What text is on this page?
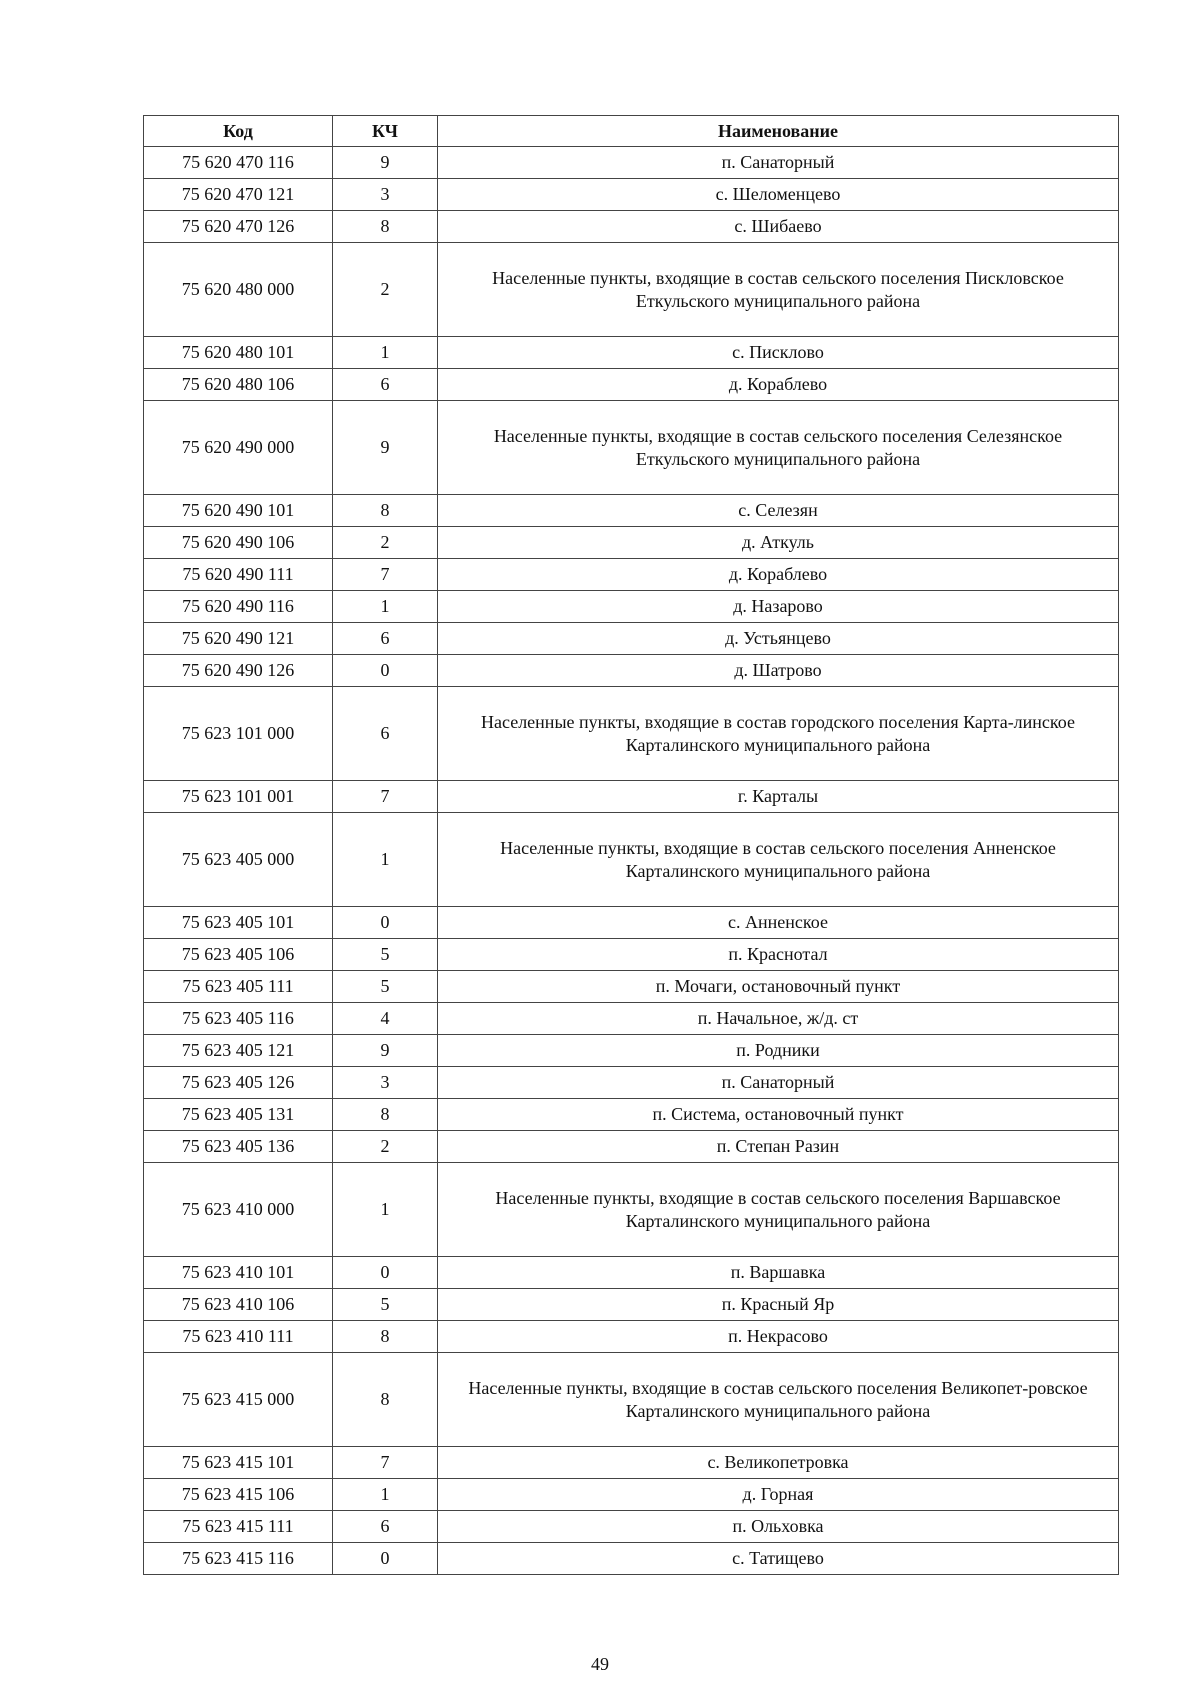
Код	КЧ	Наименование
75 620 470 116	9	п. Санаторный
75 620 470 121	3	с. Шеломенцево
75 620 470 126	8	с. Шибаево
75 620 480 000	2	Населенные пункты, входящие в состав сельского поселения Пискловское Еткульского муниципального района
75 620 480 101	1	с. Писклово
75 620 480 106	6	д. Кораблево
75 620 490 000	9	Населенные пункты, входящие в состав сельского поселения Селезянское Еткульского муниципального района
75 620 490 101	8	с. Селезян
75 620 490 106	2	д. Аткуль
75 620 490 111	7	д. Кораблево
75 620 490 116	1	д. Назарово
75 620 490 121	6	д. Устьянцево
75 620 490 126	0	д. Шатрово
75 623 101 000	6	Населенные пункты, входящие в состав городского поселения Карта-линское Карталинского муниципального района
75 623 101 001	7	г. Карталы
75 623 405 000	1	Населенные пункты, входящие в состав сельского поселения Анненское Карталинского муниципального района
75 623 405 101	0	с. Анненское
75 623 405 106	5	п. Краснотал
75 623 405 111	5	п. Мочаги, остановочный пункт
75 623 405 116	4	п. Начальное, ж/д. ст
75 623 405 121	9	п. Родники
75 623 405 126	3	п. Санаторный
75 623 405 131	8	п. Система, остановочный пункт
75 623 405 136	2	п. Степан Разин
75 623 410 000	1	Населенные пункты, входящие в состав сельского поселения Варшавское Карталинского муниципального района
75 623 410 101	0	п. Варшавка
75 623 410 106	5	п. Красный Яр
75 623 410 111	8	п. Некрасово
75 623 415 000	8	Населенные пункты, входящие в состав сельского поселения Великопет-ровское Карталинского муниципального района
75 623 415 101	7	с. Великопетровка
75 623 415 106	1	д. Горная
75 623 415 111	6	п. Ольховка
75 623 415 116	0	с. Татищево
49
